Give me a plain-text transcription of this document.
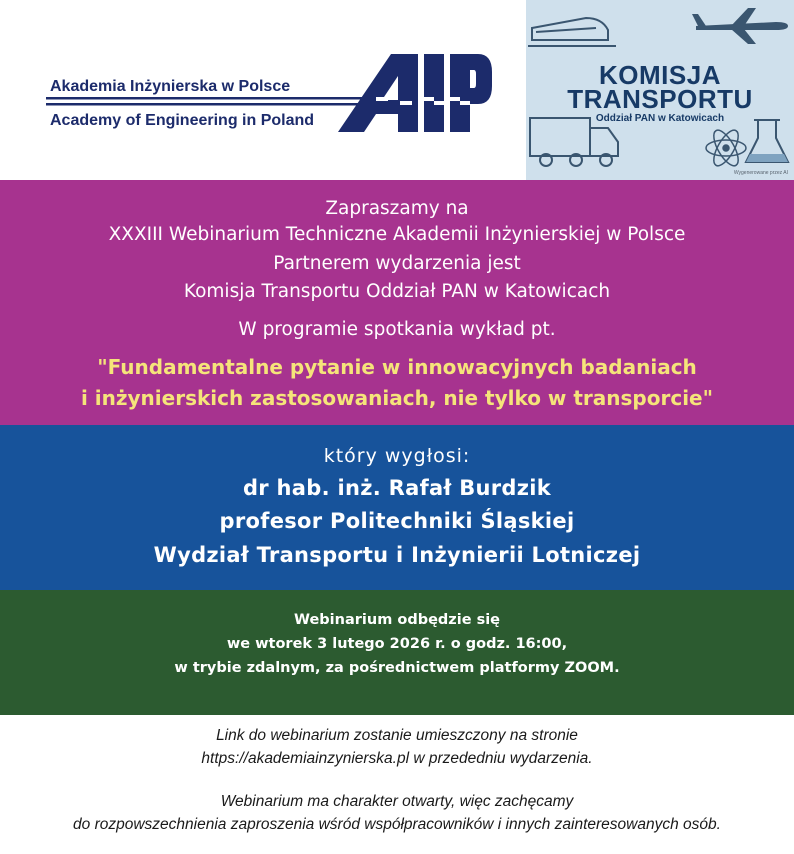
Akademia Inżynierska w Polsce
Academy of Engineering in Poland
KOMISJA
TRANSPORTU
Oddział PAN w Katowicach
Wygenerowane przez AI
Zapraszamy na
XXXIII Webinarium Techniczne Akademii Inżynierskiej w Polsce
Partnerem wydarzenia jest
Komisja Transportu Oddział PAN w Katowicach
W programie spotkania wykład pt.
"Fundamentalne pytanie w innowacyjnych badaniach
i inżynierskich zastosowaniach, nie tylko w transporcie"
który wygłosi:
dr hab. inż. Rafał Burdzik
profesor Politechniki Śląskiej
Wydział Transportu i Inżynierii Lotniczej
Webinarium odbędzie się
we wtorek 3 lutego 2026 r. o godz. 16:00,
w trybie zdalnym, za pośrednictwem platformy ZOOM.
Link do webinarium zostanie umieszczony na stronie
https://akademiainzynierska.pl w przededniu wydarzenia.
Webinarium ma charakter otwarty, więc zachęcamy
do rozpowszechnienia zaproszenia wśród współpracowników i innych zainteresowanych osób.
